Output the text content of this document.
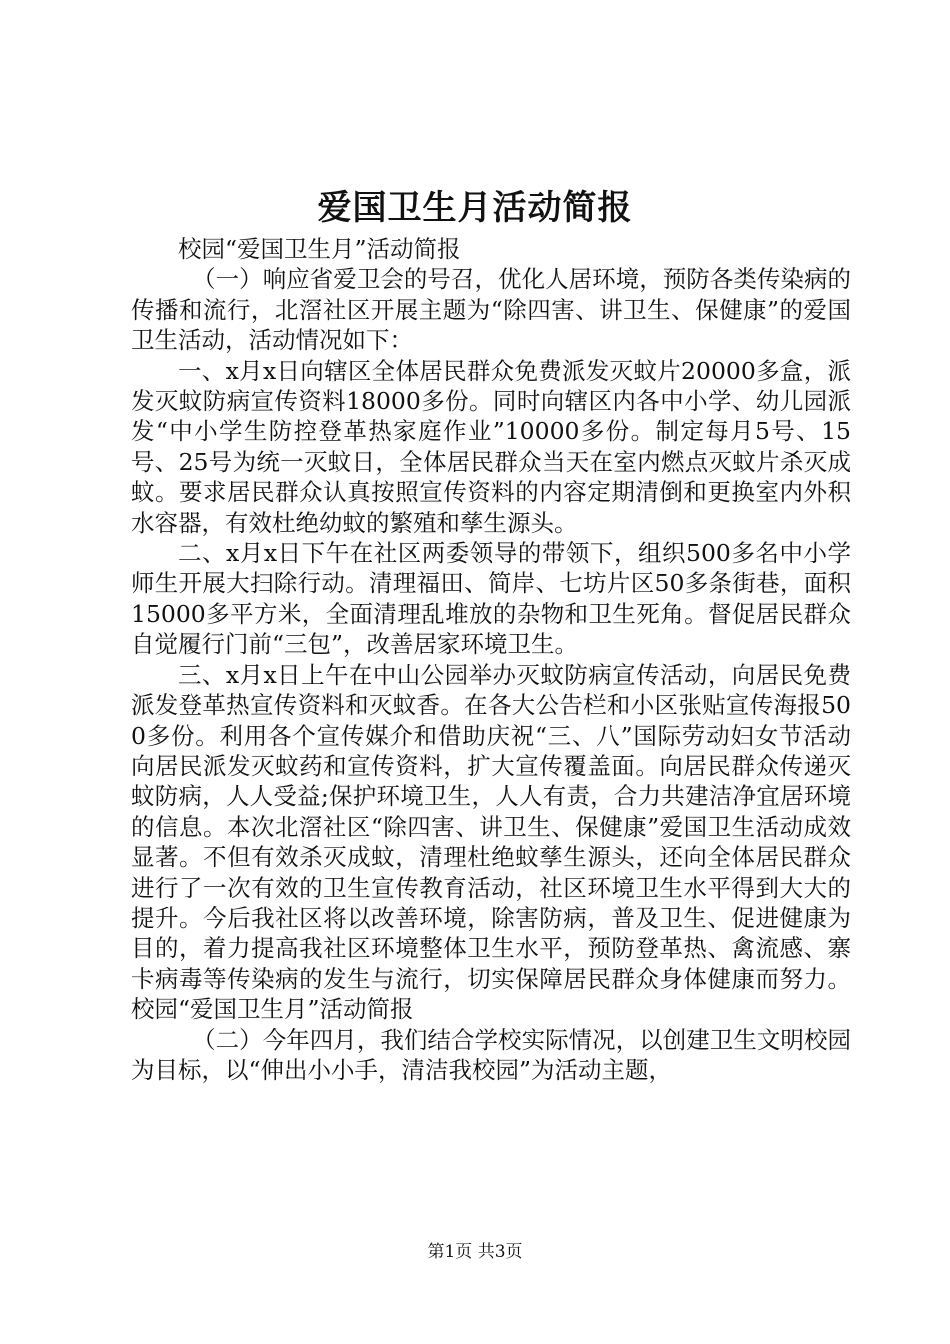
爱国卫生月活动简报

校园“爱国卫生月”活动简报

（一）响应省爱卫会的号召，优化人居环境，预防各类传染病的传播和流行，北滘社区开展主题为“除四害、讲卫生、保健康”的爱国卫生活动，活动情况如下：

一、x月x日向辖区全体居民群众免费派发灭蚊片20000多盒，派发灭蚊防病宣传资料18000多份。同时向辖区内各中小学、幼儿园派发“中小学生防控登革热家庭作业”10000多份。制定每月5号、15号、25号为统一灭蚊日，全体居民群众当天在室内燃点灭蚊片杀灭成蚊。要求居民群众认真按照宣传资料的内容定期清倒和更换室内外积水容器，有效杜绝幼蚊的繁殖和孳生源头。

二、x月x日下午在社区两委领导的带领下，组织500多名中小学师生开展大扫除行动。清理福田、简岸、七坊片区50多条街巷，面积15000多平方米，全面清理乱堆放的杂物和卫生死角。督促居民群众自觉履行门前“三包”，改善居家环境卫生。

三、x月x日上午在中山公园举办灭蚊防病宣传活动，向居民免费派发登革热宣传资料和灭蚊香。在各大公告栏和小区张贴宣传海报500多份。利用各个宣传媒介和借助庆祝“三、八”国际劳动妇女节活动向居民派发灭蚊药和宣传资料，扩大宣传覆盖面。向居民群众传递灭蚊防病，人人受益;保护环境卫生，人人有责，合力共建洁净宜居环境的信息。本次北滘社区“除四害、讲卫生、保健康”爱国卫生活动成效显著。不但有效杀灭成蚊，清理杜绝蚊孳生源头，还向全体居民群众进行了一次有效的卫生宣传教育活动，社区环境卫生水平得到大大的提升。今后我社区将以改善环境，除害防病，普及卫生、促进健康为目的，着力提高我社区环境整体卫生水平，预防登革热、禽流感、寨卡病毒等传染病的发生与流行，切实保障居民群众身体健康而努力。校园“爱国卫生月”活动简报

（二）今年四月，我们结合学校实际情况，以创建卫生文明校园为目标，以“伸出小小手，清洁我校园”为活动主题，

第1页 共3页
